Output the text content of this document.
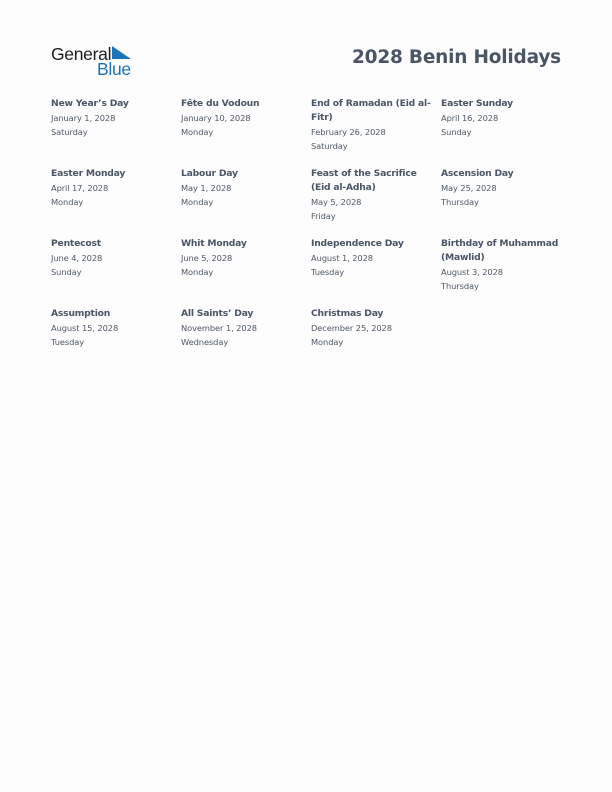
General
Blue
2028 Benin Holidays
New Year’s Day
January 1, 2028
Saturday
Fête du Vodoun
January 10, 2028
Monday
End of Ramadan (Eid al-Fitr)
February 26, 2028
Saturday
Easter Sunday
April 16, 2028
Sunday
Easter Monday
April 17, 2028
Monday
Labour Day
May 1, 2028
Monday
Feast of the Sacrifice (Eid al-Adha)
May 5, 2028
Friday
Ascension Day
May 25, 2028
Thursday
Pentecost
June 4, 2028
Sunday
Whit Monday
June 5, 2028
Monday
Independence Day
August 1, 2028
Tuesday
Birthday of Muhammad (Mawlid)
August 3, 2028
Thursday
Assumption
August 15, 2028
Tuesday
All Saints’ Day
November 1, 2028
Wednesday
Christmas Day
December 25, 2028
Monday
